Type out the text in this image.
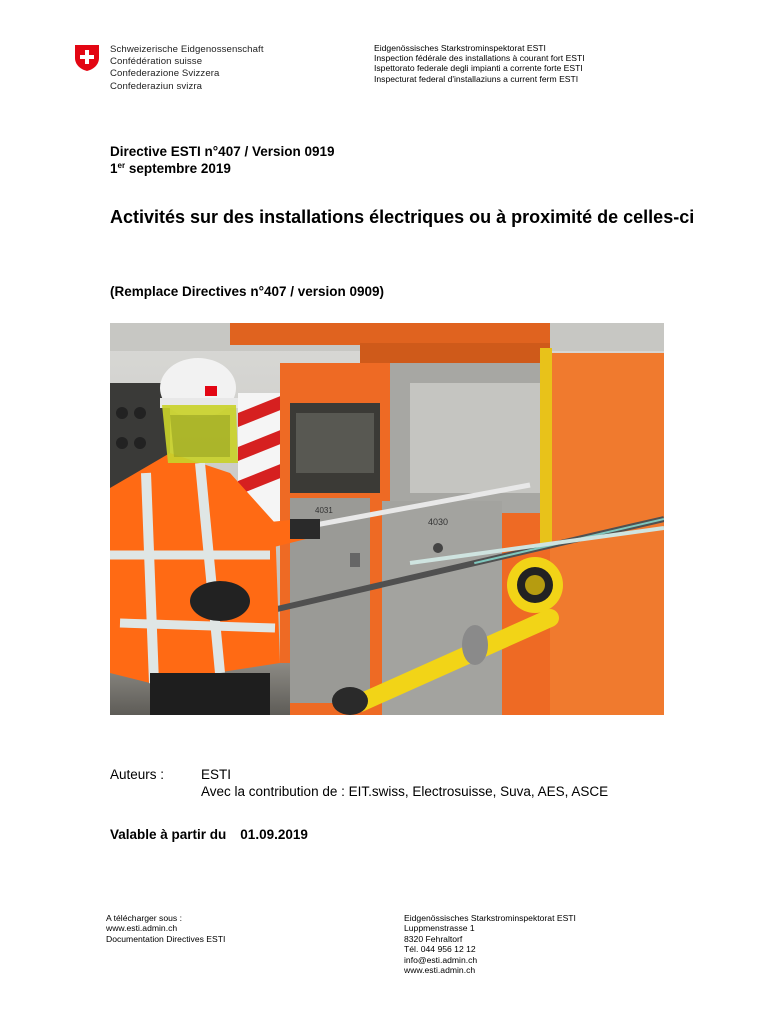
Schweizerische Eidgenossenschaft
Confédération suisse
Confederazione Svizzera
Confederaziun svizra
Eidgenössisches Starkstrominspektorat ESTI
Inspection fédérale des installations à courant fort ESTI
Ispettorato federale degli impianti a corrente forte ESTI
Inspecturat federal d'installaziuns a current ferm ESTI
Directive ESTI n°407 / Version 0919
1er septembre 2019
Activités sur des installations électriques ou à proximité de celles-ci
(Remplace Directives n°407 / version 0909)
4031
4030
Auteurs :	ESTI
Avec la contribution de : EIT.swiss, Electrosuisse, Suva, AES, ASCE
Valable à partir du 01.09.2019
A télécharger sous :
www.esti.admin.ch
Documentation Directives ESTI
Eidgenössisches Starkstrominspektorat ESTI
Luppmenstrasse 1
8320 Fehraltorf
Tél. 044 956 12 12
info@esti.admin.ch
www.esti.admin.ch
